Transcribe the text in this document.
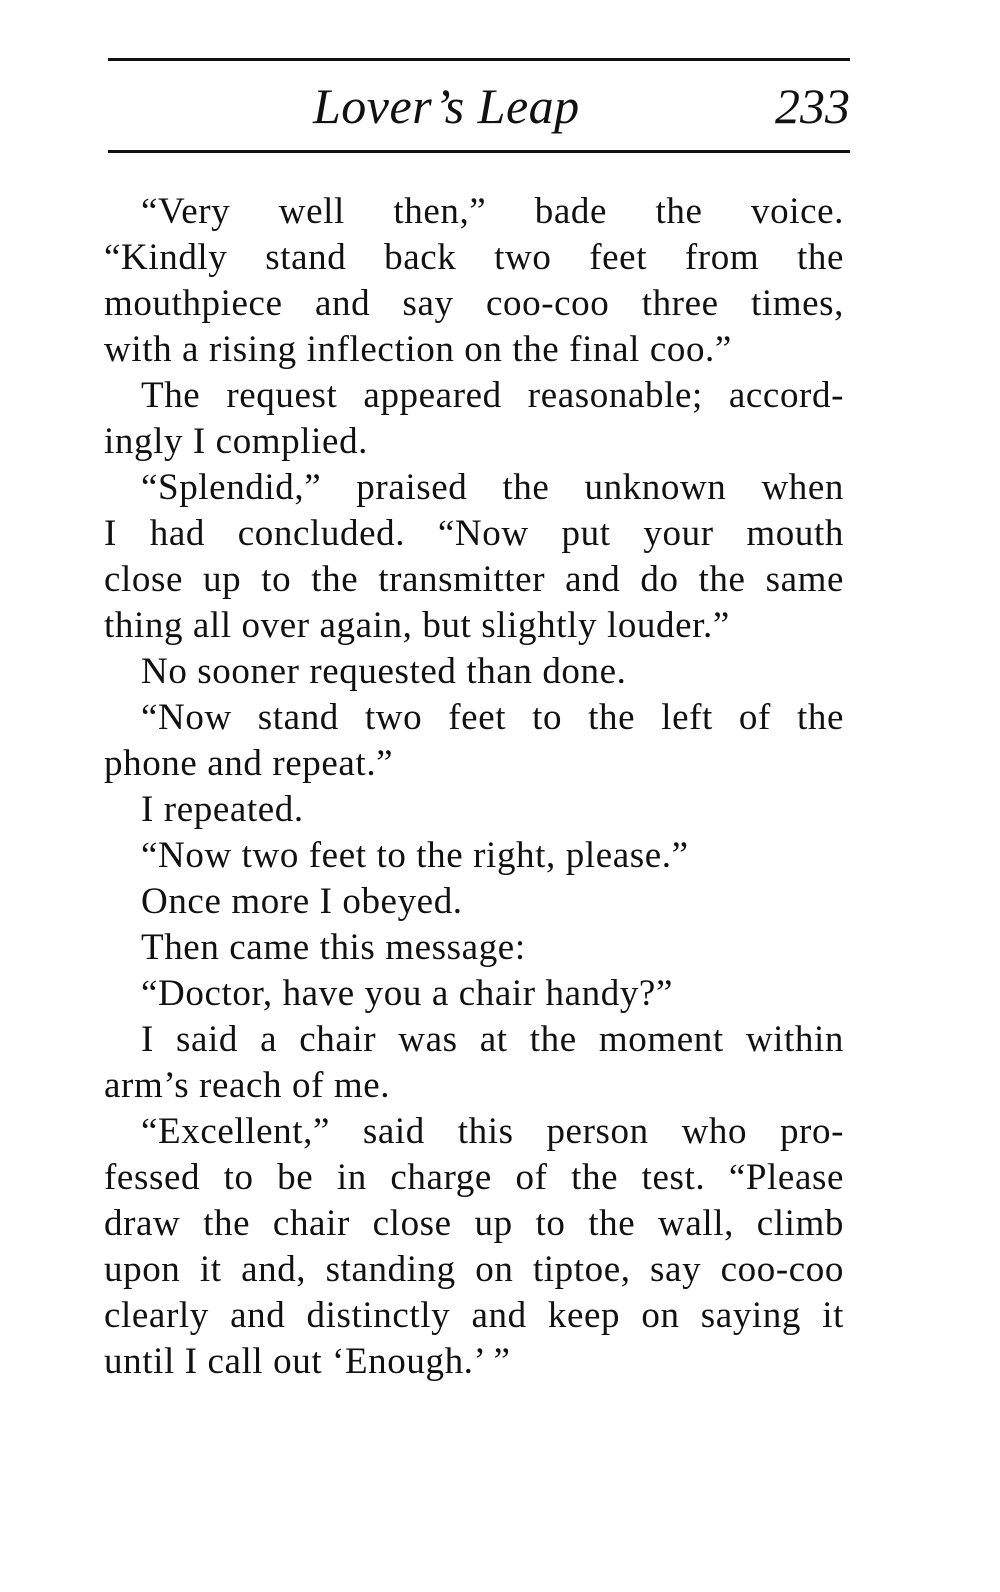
Lover’s Leap	233
“Very well then,” bade the voice.
“Kindly stand back two feet from the
mouthpiece and say coo-coo three times,
with a rising inflection on the final coo.”
The request appeared reasonable; accord-
ingly I complied.
“Splendid,” praised the unknown when
I had concluded. “Now put your mouth
close up to the transmitter and do the same
thing all over again, but slightly louder.”
No sooner requested than done.
“Now stand two feet to the left of the
phone and repeat.”
I repeated.
“Now two feet to the right, please.”
Once more I obeyed.
Then came this message:
“Doctor, have you a chair handy?”
I said a chair was at the moment within
arm’s reach of me.
“Excellent,” said this person who pro-
fessed to be in charge of the test. “Please
draw the chair close up to the wall, climb
upon it and, standing on tiptoe, say coo-coo
clearly and distinctly and keep on saying it
until I call out ‘Enough.’ ”
